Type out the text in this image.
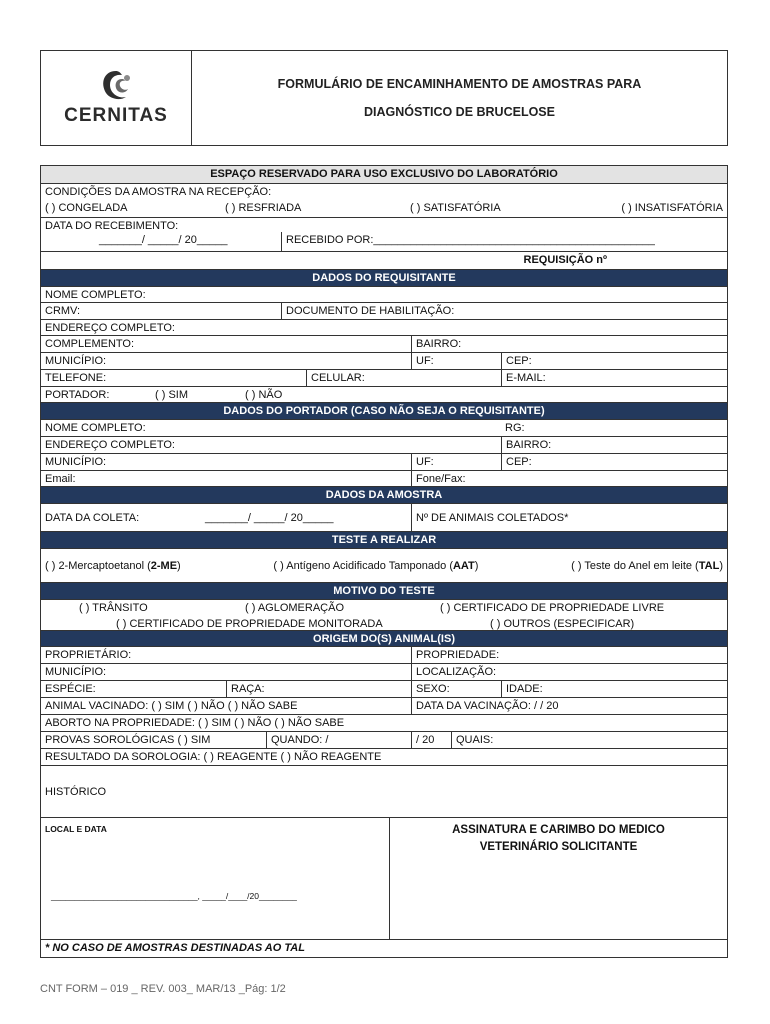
CERNITAS
FORMULÁRIO DE ENCAMINHAMENTO DE AMOSTRAS PARA
DIAGNÓSTICO DE BRUCELOSE
ESPAÇO RESERVADO PARA USO EXCLUSIVO DO LABORATÓRIO
CONDIÇÕES DA AMOSTRA NA RECEPÇÃO:
( ) CONGELADA	( ) RESFRIADA	( ) SATISFATÓRIA	( ) INSATISFATÓRIA
DATA DO RECEBIMENTO:
_______/ _____/ 20_____	RECEBIDO POR:______________________________________________
REQUISIÇÃO nº
DADOS DO REQUISITANTE
NOME COMPLETO:
CRMV:	DOCUMENTO DE HABILITAÇÃO:
ENDEREÇO COMPLETO:
COMPLEMENTO:	BAIRRO:
MUNICÍPIO:	UF:	CEP:
TELEFONE:	CELULAR:	E-MAIL:
PORTADOR:	( ) SIM	( ) NÃO
DADOS DO PORTADOR (CASO NÃO SEJA O REQUISITANTE)
NOME COMPLETO:	RG:
ENDEREÇO COMPLETO:	BAIRRO:
MUNICÍPIO:	UF:	CEP:
Email:	Fone/Fax:
DADOS DA AMOSTRA
DATA DA COLETA:	_______/ _____/ 20_____	Nº DE ANIMAIS COLETADOS*
TESTE A REALIZAR
( ) 2-Mercaptoetanol (2-ME)	( ) Antígeno Acidificado Tamponado (AAT)	( ) Teste do Anel em leite (TAL)
MOTIVO DO TESTE
( ) TRÂNSITO	( ) AGLOMERAÇÃO	( ) CERTIFICADO DE PROPRIEDADE LIVRE
( ) CERTIFICADO DE PROPRIEDADE MONITORADA	( ) OUTROS (ESPECIFICAR)
ORIGEM DO(S) ANIMAL(IS)
PROPRIETÁRIO:	PROPRIEDADE:
MUNICÍPIO:	LOCALIZAÇÃO:
ESPÉCIE:	RAÇA:	SEXO:	IDADE:
ANIMAL VACINADO: ( ) SIM ( ) NÃO ( ) NÃO SABE	DATA DA VACINAÇÃO: / / 20
ABORTO NA PROPRIEDADE: ( ) SIM ( ) NÃO ( ) NÃO SABE
PROVAS SOROLÓGICAS ( ) SIM	QUANDO: /	/ 20	QUAIS:
RESULTADO DA SOROLOGIA: ( ) REAGENTE ( ) NÃO REAGENTE
HISTÓRICO
LOCAL E DATA
_______________________________, _____/____/20________
ASSINATURA E CARIMBO DO MEDICO
VETERINÁRIO SOLICITANTE
* NO CASO DE AMOSTRAS DESTINADAS AO TAL
CNT FORM – 019 _ REV. 003_ MAR/13 _Pág: 1/2
